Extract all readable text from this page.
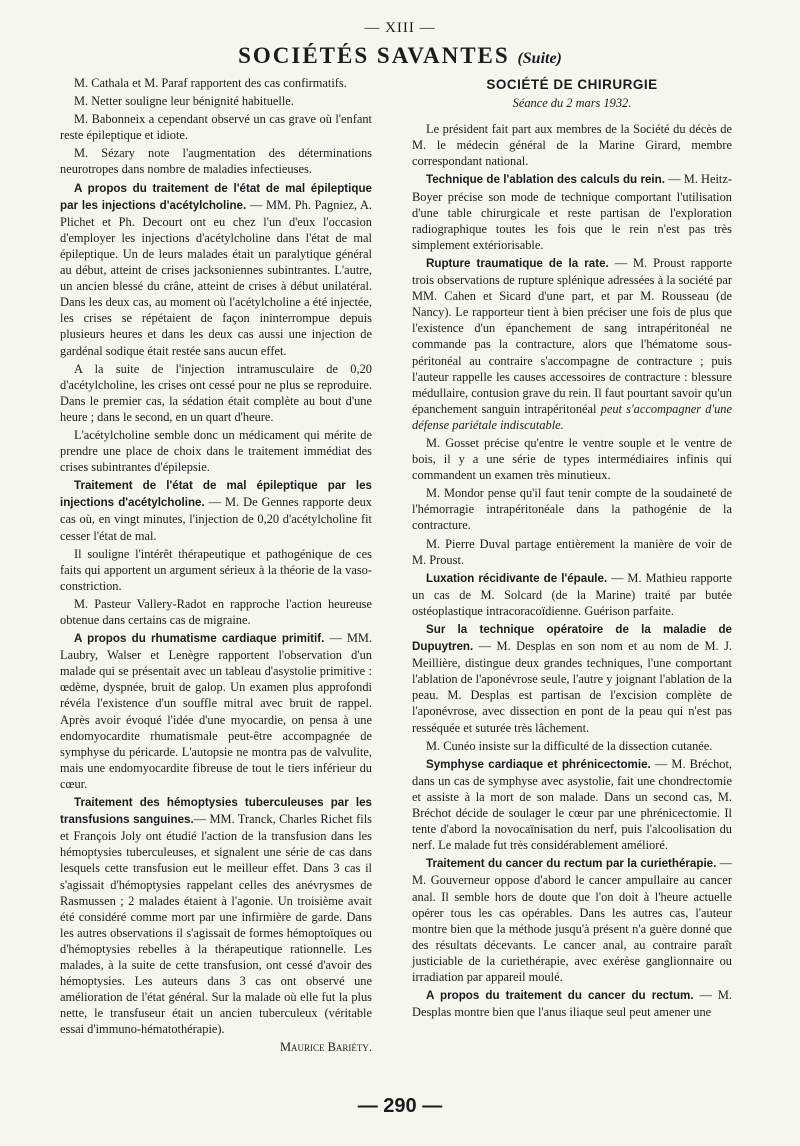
— XIII —
SOCIÉTÉS SAVANTES (Suite)

M. Cathala et M. Paraf rapportent des cas confirmatifs.

M. Netter souligne leur bénignité habituelle.

M. Babonneix a cependant observé un cas grave où l'enfant reste épileptique et idiote.

M. Sézary note l'augmentation des déterminations neurotropes dans nombre de maladies infectieuses.

A propos du traitement de l'état de mal épileptique par les injections d'acétylcholine. — MM. Ph. Pagniez, A. Plichet et Ph. Decourt ont eu chez l'un d'eux l'occasion d'employer les injections d'acétylcholine dans l'état de mal épileptique. Un de leurs malades était un paralytique général au début, atteint de crises jacksoniennes subintrantes. L'autre, un ancien blessé du crâne, atteint de crises à début unilatéral. Dans les deux cas, au moment où l'acétylcholine a été injectée, les crises se répétaient de façon ininterrompue depuis plusieurs heures et dans les deux cas aussi une injection de gardénal sodique était restée sans aucun effet.

A la suite de l'injection intramusculaire de 0,20 d'acétylcholine, les crises ont cessé pour ne plus se reproduire. Dans le premier cas, la sédation était complète au bout d'une heure ; dans le second, en un quart d'heure.

L'acétylcholine semble donc un médicament qui mérite de prendre une place de choix dans le traitement immédiat des crises subintrantes d'épilepsie.

Traitement de l'état de mal épileptique par les injections d'acétylcholine. — M. De Gennes rapporte deux cas où, en vingt minutes, l'injection de 0,20 d'acétylcholine fit cesser l'état de mal.

Il souligne l'intérêt thérapeutique et pathogénique de ces faits qui apportent un argument sérieux à la théorie de la vaso-constriction.

M. Pasteur Vallery-Radot en rapproche l'action heureuse obtenue dans certains cas de migraine.

A propos du rhumatisme cardiaque primitif. — MM. Laubry, Walser et Lenègre rapportent l'observation d'un malade qui se présentait avec un tableau d'asystolie primitive : œdème, dyspnée, bruit de galop. Un examen plus approfondi révéla l'existence d'un souffle mitral avec bruit de rappel. Après avoir évoqué l'idée d'une myocardie, on pensa à une endomyocardite rhumatismale peut-être accompagnée de symphyse du péricarde. L'autopsie ne montra pas de valvulite, mais une endomyocardite fibreuse de tout le tiers inférieur du cœur.

Traitement des hémoptysies tuberculeuses par les transfusions sanguines.— MM. Tranck, Charles Richet fils et François Joly ont étudié l'action de la transfusion dans les hémoptysies tuberculeuses, et signalent une série de cas dans lesquels cette transfusion eut le meilleur effet. Dans 3 cas il s'agissait d'hémoptysies rappelant celles des anévrysmes de Rasmussen ; 2 malades étaient à l'agonie. Un troisième avait été considéré comme mort par une infirmière de garde. Dans les autres observations il s'agissait de formes hémoptoïques ou d'hémoptysies rebelles à la thérapeutique rationnelle. Les malades, à la suite de cette transfusion, ont cessé d'avoir des hémoptysies. Les auteurs dans 3 cas ont observé une amélioration de l'état général. Sur la malade où elle fut la plus nette, le transfuseur était un ancien tuberculeux (véritable essai d'immuno-hématothérapie).

Maurice Bariéty.
SOCIÉTÉ DE CHIRURGIE
Séance du 2 mars 1932.

Le président fait part aux membres de la Société du décès de M. le médecin général de la Marine Girard, membre correspondant national.

Technique de l'ablation des calculs du rein. — M. Heitz-Boyer précise son mode de technique comportant l'utilisation d'une table chirurgicale et reste partisan de l'exploration radiographique toutes les fois que le rein n'est pas très simplement extériorisable.

Rupture traumatique de la rate. — M. Proust rapporte trois observations de rupture splénique adressées à la société par MM. Cahen et Sicard d'une part, et par M. Rousseau (de Nancy). Le rapporteur tient à bien préciser une fois de plus que l'existence d'un épanchement de sang intrapéritonéal ne commande pas la contracture, alors que l'hématome sous-péritonéal au contraire s'accompagne de contracture ; puis l'auteur rappelle les causes accessoires de contracture : blessure médullaire, contusion grave du rein. Il faut pourtant savoir qu'un épanchement sanguin intrapéritonéal peut s'accompagner d'une défense pariétale indiscutable.

M. Gosset précise qu'entre le ventre souple et le ventre de bois, il y a une série de types intermédiaires infinis qui commandent un examen très minutieux.

M. Mondor pense qu'il faut tenir compte de la soudaineté de l'hémorragie intrapéritonéale dans la pathogénie de la contracture.

M. Pierre Duval partage entièrement la manière de voir de M. Proust.

Luxation récidivante de l'épaule. — M. Mathieu rapporte un cas de M. Solcard (de la Marine) traité par butée ostéoplastique intracoracoïdienne. Guérison parfaite.

Sur la technique opératoire de la maladie de Dupuytren. — M. Desplas en son nom et au nom de M. J. Meillière, distingue deux grandes techniques, l'une comportant l'ablation de l'aponévrose seule, l'autre y joignant l'ablation de la peau. M. Desplas est partisan de l'excision complète de l'aponévrose, avec dissection en pont de la peau qui n'est pas resséquée et suturée très lâchement.

M. Cunéo insiste sur la difficulté de la dissection cutanée.

Symphyse cardiaque et phrénicectomie. — M. Bréchot, dans un cas de symphyse avec asystolie, fait une chondrectomie et assiste à la mort de son malade. Dans un second cas, M. Bréchot décide de soulager le cœur par une phrénicectomie. Il tente d'abord la novocaïnisation du nerf, puis l'alcoolisation du nerf. Le malade fut très considérablement amélioré.

Traitement du cancer du rectum par la curiethérapie. — M. Gouverneur oppose d'abord le cancer ampullaire au cancer anal. Il semble hors de doute que l'on doit à l'heure actuelle opérer tous les cas opérables. Dans les autres cas, l'auteur montre bien que la méthode jusqu'à présent n'a guère donné que des résultats décevants. Le cancer anal, au contraire paraît justiciable de la curiethérapie, avec exérèse ganglionnaire ou irradiation par appareil moulé.

A propos du traitement du cancer du rectum. — M. Desplas montre bien que l'anus iliaque seul peut amener une

— 290 —
